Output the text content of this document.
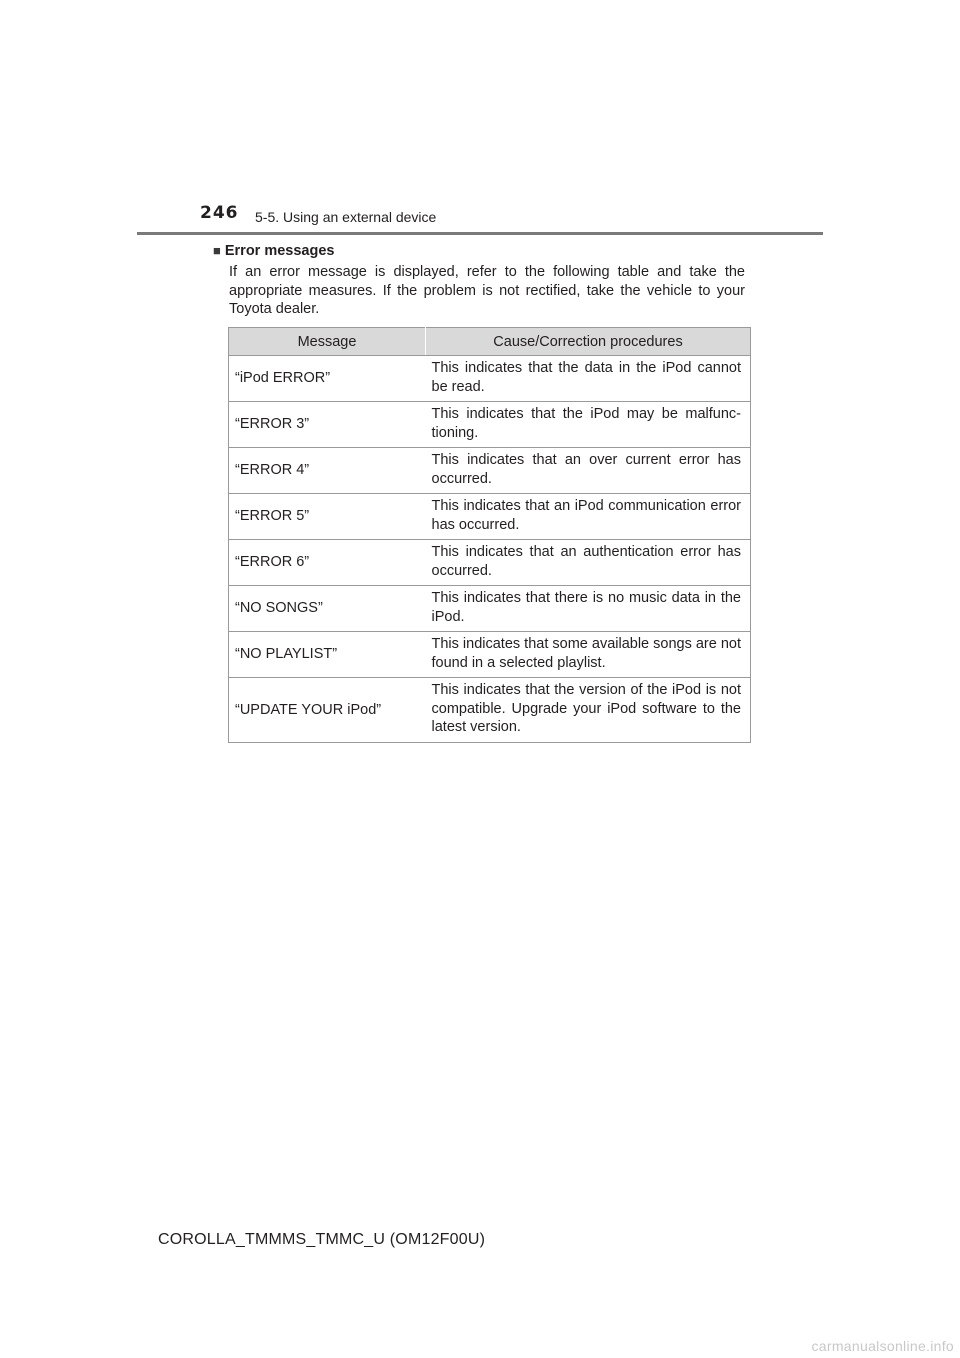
246 5-5. Using an external device
■ Error messages
If an error message is displayed, refer to the following table and take the appropriate measures. If the problem is not rectified, take the vehicle to your Toyota dealer.
Message	Cause/Correction procedures
“iPod ERROR”	This indicates that the data in the iPod cannot be read.
“ERROR 3”	This indicates that the iPod may be malfunc- tioning.
“ERROR 4”	This indicates that an over current error has occurred.
“ERROR 5”	This indicates that an iPod communication error has occurred.
“ERROR 6”	This indicates that an authentication error has occurred.
“NO SONGS”	This indicates that there is no music data in the iPod.
“NO PLAYLIST”	This indicates that some available songs are not found in a selected playlist.
“UPDATE YOUR iPod”	This indicates that the version of the iPod is not compatible. Upgrade your iPod software to the latest version.
COROLLA_TMMMS_TMMC_U (OM12F00U)
carmanualsonline.info
